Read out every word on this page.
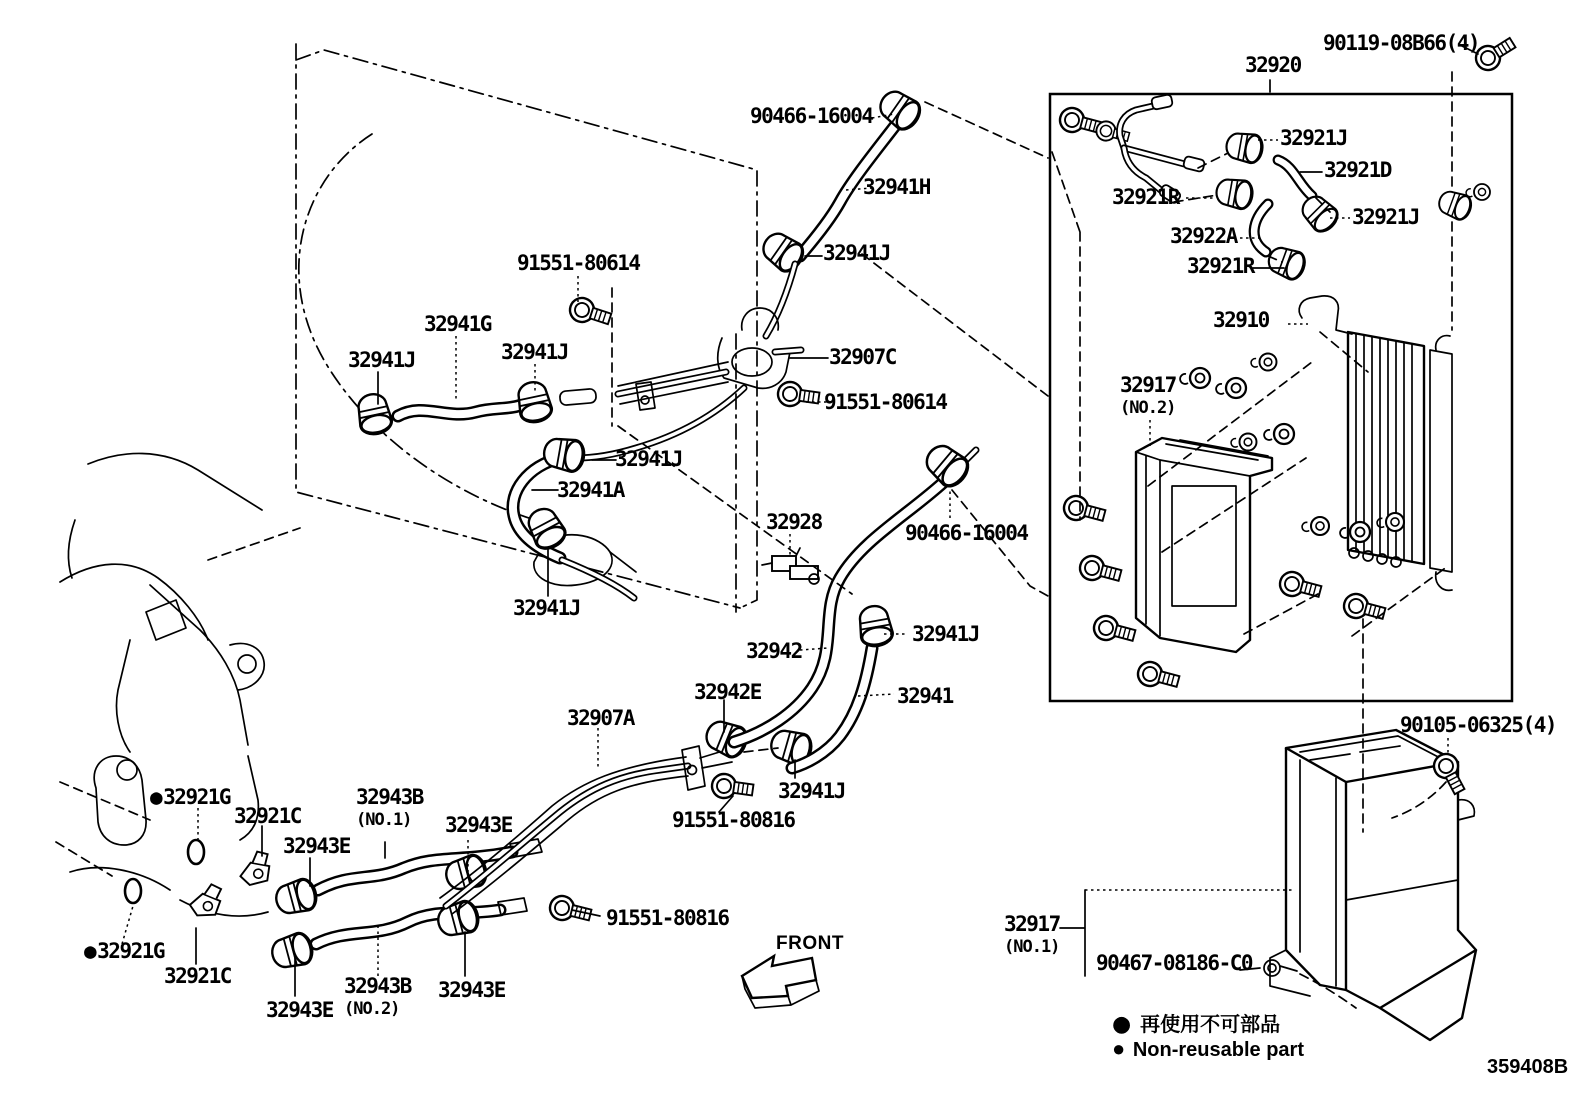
90119-08B66(4)
32920
32921J
32921D
32921R
32922A
32921J
32921R
32910
32917
(NO.2)
90466-16004
32941H
32941J
91551-80614
32941G
32941J	32941J	32907C
91551-80614
32941J
32941A
32941J
32928	90466-16004
32942
32941J
32941
32942E
32907A
32941J
91551-80816
●32921G
32921C
32943B
(NO.1)
32943E
32943E
●32921G
32921C
32943E
32943B
(NO.2)
32943E
91551-80816
90105-06325(4)
32917
(NO.1)
90467-08186-C0
● 再使用不可部品
● Non-reusable part
FRONT
359408B
